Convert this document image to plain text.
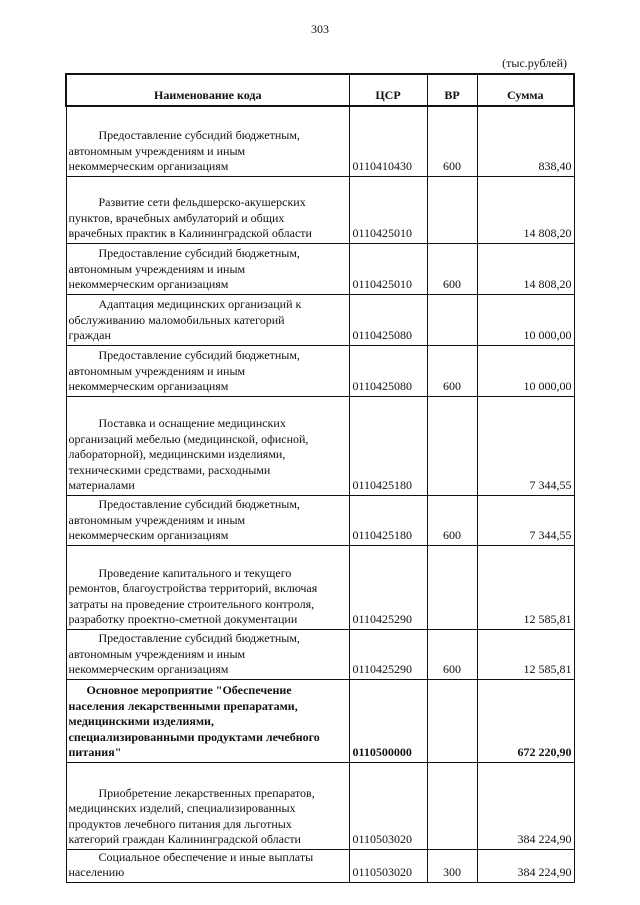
303
(тыс.рублей)
Наименование кода	ЦСР	ВР	Сумма

Предоставление субсидий бюджетным,
автономным учреждениям и иным
некоммерческим организациям	0110410430	600	838,40

Развитие сети фельдшерско-акушерских
пунктов, врачебных амбулаторий и общих
врачебных практик в Калининградской области	0110425010		14 808,20

Предоставление субсидий бюджетным,
автономным учреждениям и иным
некоммерческим организациям	0110425010	600	14 808,20

Адаптация медицинских организаций к
обслуживанию маломобильных категорий
граждан	0110425080		10 000,00

Предоставление субсидий бюджетным,
автономным учреждениям и иным
некоммерческим организациям	0110425080	600	10 000,00

Поставка и оснащение медицинских
организаций мебелью (медицинской, офисной,
лабораторной), медицинскими изделиями,
техническими средствами, расходными
материалами	0110425180		7 344,55

Предоставление субсидий бюджетным,
автономным учреждениям и иным
некоммерческим организациям	0110425180	600	7 344,55

Проведение капитального и текущего
ремонтов, благоустройства территорий, включая
затраты на проведение строительного контроля,
разработку проектно-сметной документации	0110425290		12 585,81

Предоставление субсидий бюджетным,
автономным учреждениям и иным
некоммерческим организациям	0110425290	600	12 585,81

Основное мероприятие "Обеспечение
населения лекарственными препаратами,
медицинскими изделиями,
специализированными продуктами лечебного
питания"	0110500000		672 220,90

Приобретение лекарственных препаратов,
медицинских изделий, специализированных
продуктов лечебного питания для льготных
категорий граждан Калининградской области	0110503020		384 224,90

Социальное обеспечение и иные выплаты
населению	0110503020	300	384 224,90
